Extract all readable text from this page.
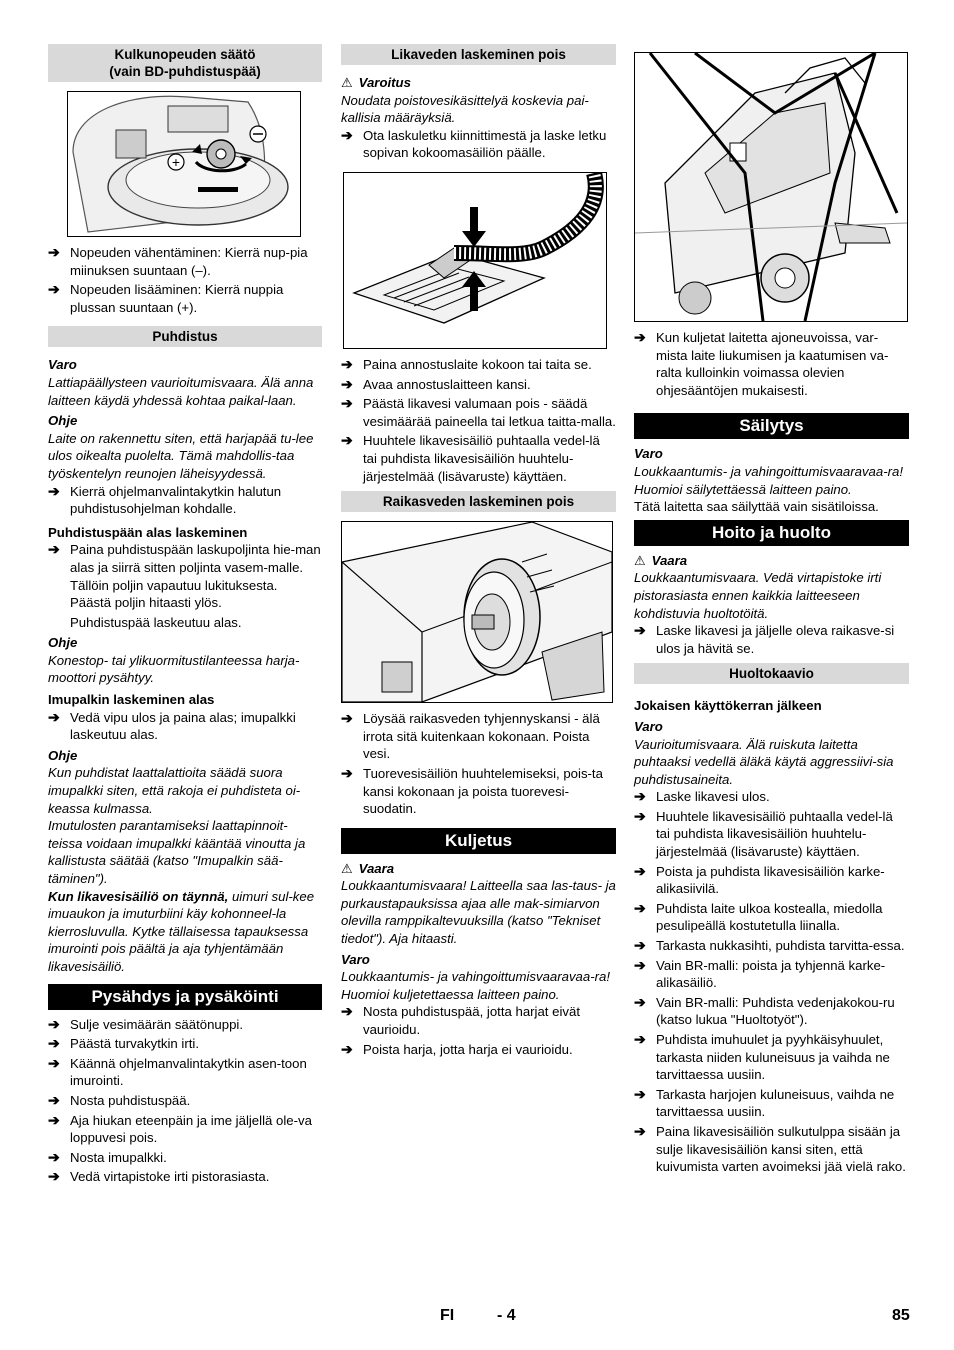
Kulkunopeuden säätö
(vain BD-puhdistuspää)
+
➔ Nopeuden vähentäminen: Kierrä nup-pia miinuksen suuntaan (–).
➔ Nopeuden lisääminen: Kierrä nuppia plussan suuntaan (+).
Puhdistus

Varo

Lattiapäällysteen vaurioitumisvaara. Älä anna laitteen käydä yhdessä kohtaa paikal-laan.

Ohje

Laite on rakennettu siten, että harjapää tu-lee ulos oikealta puolelta. Tämä mahdollis-taa työskentelyn reunojen läheisyydessä.

➔ Kierrä ohjelmanvalintakytkin halutun puhdistusohjelman kohdalle.

Puhdistuspään alas laskeminen

➔ Paina puhdistuspään laskupoljinta hie-man alas ja siirrä sitten poljinta vasem-malle. Tällöin poljin vapautuu lukituksesta. Päästä poljin hitaasti ylös.

Puhdistuspää laskeutuu alas.

Ohje

Konestop- tai ylikuormitustilanteessa harja-moottori pysähtyy.

Imupalkin laskeminen alas

➔ Vedä vipu ulos ja paina alas; imupalkki laskeutuu alas.

Ohje

Kun puhdistat laattalattioita säädä suora imupalkki siten, että rakoja ei puhdisteta oi-keassa kulmassa.

Imutulosten parantamiseksi laattapinnoit-teissa voidaan imupalkki kääntää vinoutta ja kallistusta säätää (katso "Imupalkin sää-täminen").

Kun likavesisäiliö on täynnä, uimuri sul-kee imuaukon ja imuturbiini käy kohonneel-la kierrosluvulla. Kytke tällaisessa tapauksessa imurointi pois päältä ja aja tyhjentämään likavesisäiliö.

Pysähdys ja pysäköinti
➔ Sulje vesimäärän säätönuppi.
➔ Päästä turvakytkin irti.
➔ Käännä ohjelmanvalintakytkin asen-toon imurointi.
➔ Nosta puhdistuspää.
➔ Aja hiukan eteenpäin ja ime jäljellä ole-va loppuvesi pois.
➔ Nosta imupalkki.
➔ Vedä virtapistoke irti pistorasiasta.
Likaveden laskeminen pois

⚠ Varoitus

Noudata poistovesikäsittelyä koskevia pai-kallisia määräyksiä.

➔ Ota laskuletku kiinnittimestä ja laske letku sopivan kokoomasäiliön päälle.
➔ Paina annostuslaite kokoon tai taita se.
➔ Avaa annostuslaitteen kansi.
➔ Päästä likavesi valumaan pois - säädä vesimäärää paineella tai letkua taitta-malla.
➔ Huuhtele likavesisäiliö puhtaalla vedel-lä tai puhdista likavesisäiliön huuhtelu-järjestelmää (lisävaruste) käyttäen.
Raikasveden laskeminen pois
➔ Löysää raikasveden tyhjennyskansi - älä irrota sitä kuitenkaan kokonaan. Poista vesi.
➔ Tuorevesisäiliön huuhtelemiseksi, pois-ta kansi kokonaan ja poista tuorevesi-suodatin.
Kuljetus

⚠ Vaara

Loukkaantumisvaara! Laitteella saa las-taus- ja purkaustapauksissa ajaa alle mak-simiarvon olevilla ramppikaltevuuksilla (katso "Tekniset tiedot"). Aja hitaasti.

Varo

Loukkaantumis- ja vahingoittumisvaaravaa-ra! Huomioi kuljetettaessa laitteen paino.

➔ Nosta puhdistuspää, jotta harjat eivät vaurioidu.
➔ Poista harja, jotta harja ei vaurioidu.
➔ Kun kuljetat laitetta ajoneuvoissa, var-mista laite liukumisen ja kaatumisen va-ralta kulloinkin voimassa olevien ohjesääntöjen mukaisesti.
Säilytys

Varo

Loukkaantumis- ja vahingoittumisvaaravaa-ra! Huomioi säilytettäessä laitteen paino.

Tätä laitetta saa säilyttää vain sisätiloissa.

Hoito ja huolto

⚠ Vaara

Loukkaantumisvaara. Vedä virtapistoke irti pistorasiasta ennen kaikkia laitteeseen kohdistuvia huoltotöitä.

➔ Laske likavesi ja jäljelle oleva raikasve-si ulos ja hävitä se.
Huoltokaavio

Jokaisen käyttökerran jälkeen

Varo

Vaurioitumisvaara. Älä ruiskuta laitetta puhtaaksi vedellä äläkä käytä aggressiivi-sia puhdistusaineita.

➔ Laske likavesi ulos.
➔ Huuhtele likavesisäiliö puhtaalla vedel-lä tai puhdista likavesisäiliön huuhtelu-järjestelmää (lisävaruste) käyttäen.
➔ Poista ja puhdista likavesisäiliön karke-alikasiivilä.
➔ Puhdista laite ulkoa kostealla, miedolla pesulipeällä kostutetulla liinalla.
➔ Tarkasta nukkasihti, puhdista tarvitta-essa.
➔ Vain BR-malli: poista ja tyhjennä karke-alikasäiliö.
➔ Vain BR-malli: Puhdista vedenjakokou-ru (katso lukua "Huoltotyöt").
➔ Puhdista imuhuulet ja pyyhkäisyhuulet, tarkasta niiden kuluneisuus ja vaihda ne tarvittaessa uusiin.
➔ Tarkasta harjojen kuluneisuus, vaihda ne tarvittaessa uusiin.
➔ Paina likavesisäiliön sulkutulppa sisään ja sulje likavesisäiliön kansi siten, että kuivumista varten avoimeksi jää vielä rako.
FI	- 4	85
